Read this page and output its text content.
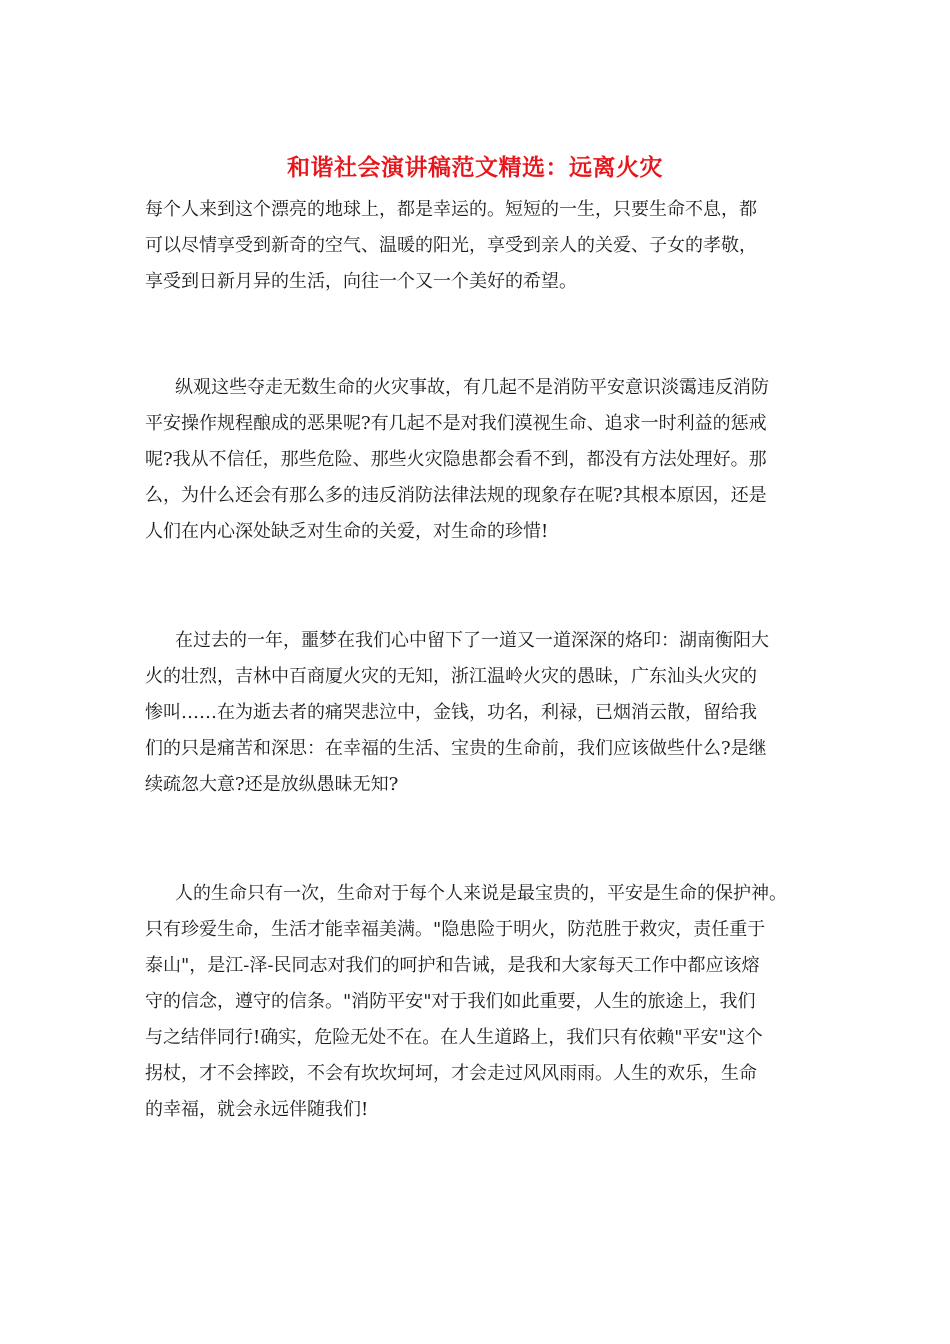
和谐社会演讲稿范文精选：远离火灾
每个人来到这个漂亮的地球上，都是幸运的。短短的一生，只要生命不息，都
可以尽情享受到新奇的空气、温暖的阳光，享受到亲人的关爱、子女的孝敬，
享受到日新月异的生活，向往一个又一个美好的希望。
纵观这些夺走无数生命的火灾事故，有几起不是消防平安意识淡霭违反消防
平安操作规程酿成的恶果呢?有几起不是对我们漠视生命、追求一时利益的惩戒
呢?我从不信任，那些危险、那些火灾隐患都会看不到，都没有方法处理好。那
么，为什么还会有那么多的违反消防法律法规的现象存在呢?其根本原因，还是
人们在内心深处缺乏对生命的关爱，对生命的珍惜!
在过去的一年，噩梦在我们心中留下了一道又一道深深的烙印：湖南衡阳大
火的壮烈，吉林中百商厦火灾的无知，浙江温岭火灾的愚昧，广东汕头火灾的
惨叫……在为逝去者的痛哭悲泣中，金钱，功名，利禄，已烟消云散，留给我
们的只是痛苦和深思：在幸福的生活、宝贵的生命前，我们应该做些什么?是继
续疏忽大意?还是放纵愚昧无知?
人的生命只有一次，生命对于每个人来说是最宝贵的，平安是生命的保护神。
只有珍爱生命，生活才能幸福美满。"隐患险于明火，防范胜于救灾，责任重于
泰山"，是江-泽-民同志对我们的呵护和告诫，是我和大家每天工作中都应该熔
守的信念，遵守的信条。"消防平安"对于我们如此重要，人生的旅途上，我们
与之结伴同行!确实，危险无处不在。在人生道路上，我们只有依赖"平安"这个
拐杖，才不会摔跤，不会有坎坎坷坷，才会走过风风雨雨。人生的欢乐，生命
的幸福，就会永远伴随我们!
